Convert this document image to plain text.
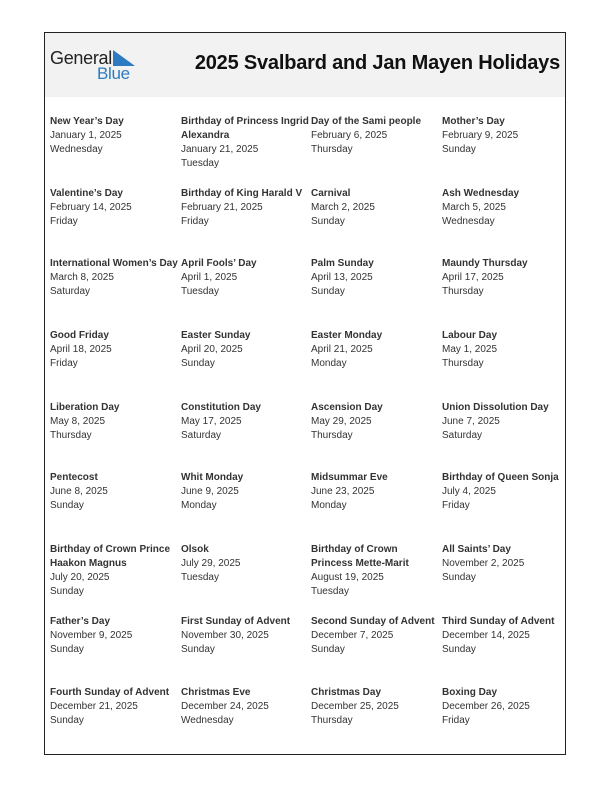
General
Blue	2025 Svalbard and Jan Mayen Holidays
New Year’s Day
January 1, 2025
Wednesday
Birthday of Princess Ingrid Alexandra
January 21, 2025
Tuesday
Day of the Sami people
February 6, 2025
Thursday
Mother’s Day
February 9, 2025
Sunday
Valentine’s Day
February 14, 2025
Friday
Birthday of King Harald V
February 21, 2025
Friday
Carnival
March 2, 2025
Sunday
Ash Wednesday
March 5, 2025
Wednesday
International Women’s Day
March 8, 2025
Saturday
April Fools’ Day
April 1, 2025
Tuesday
Palm Sunday
April 13, 2025
Sunday
Maundy Thursday
April 17, 2025
Thursday
Good Friday
April 18, 2025
Friday
Easter Sunday
April 20, 2025
Sunday
Easter Monday
April 21, 2025
Monday
Labour Day
May 1, 2025
Thursday
Liberation Day
May 8, 2025
Thursday
Constitution Day
May 17, 2025
Saturday
Ascension Day
May 29, 2025
Thursday
Union Dissolution Day
June 7, 2025
Saturday
Pentecost
June 8, 2025
Sunday
Whit Monday
June 9, 2025
Monday
Midsummar Eve
June 23, 2025
Monday
Birthday of Queen Sonja
July 4, 2025
Friday
Birthday of Crown Prince Haakon Magnus
July 20, 2025
Sunday
Olsok
July 29, 2025
Tuesday
Birthday of Crown Princess Mette-Marit
August 19, 2025
Tuesday
All Saints’ Day
November 2, 2025
Sunday
Father’s Day
November 9, 2025
Sunday
First Sunday of Advent
November 30, 2025
Sunday
Second Sunday of Advent
December 7, 2025
Sunday
Third Sunday of Advent
December 14, 2025
Sunday
Fourth Sunday of Advent
December 21, 2025
Sunday
Christmas Eve
December 24, 2025
Wednesday
Christmas Day
December 25, 2025
Thursday
Boxing Day
December 26, 2025
Friday
